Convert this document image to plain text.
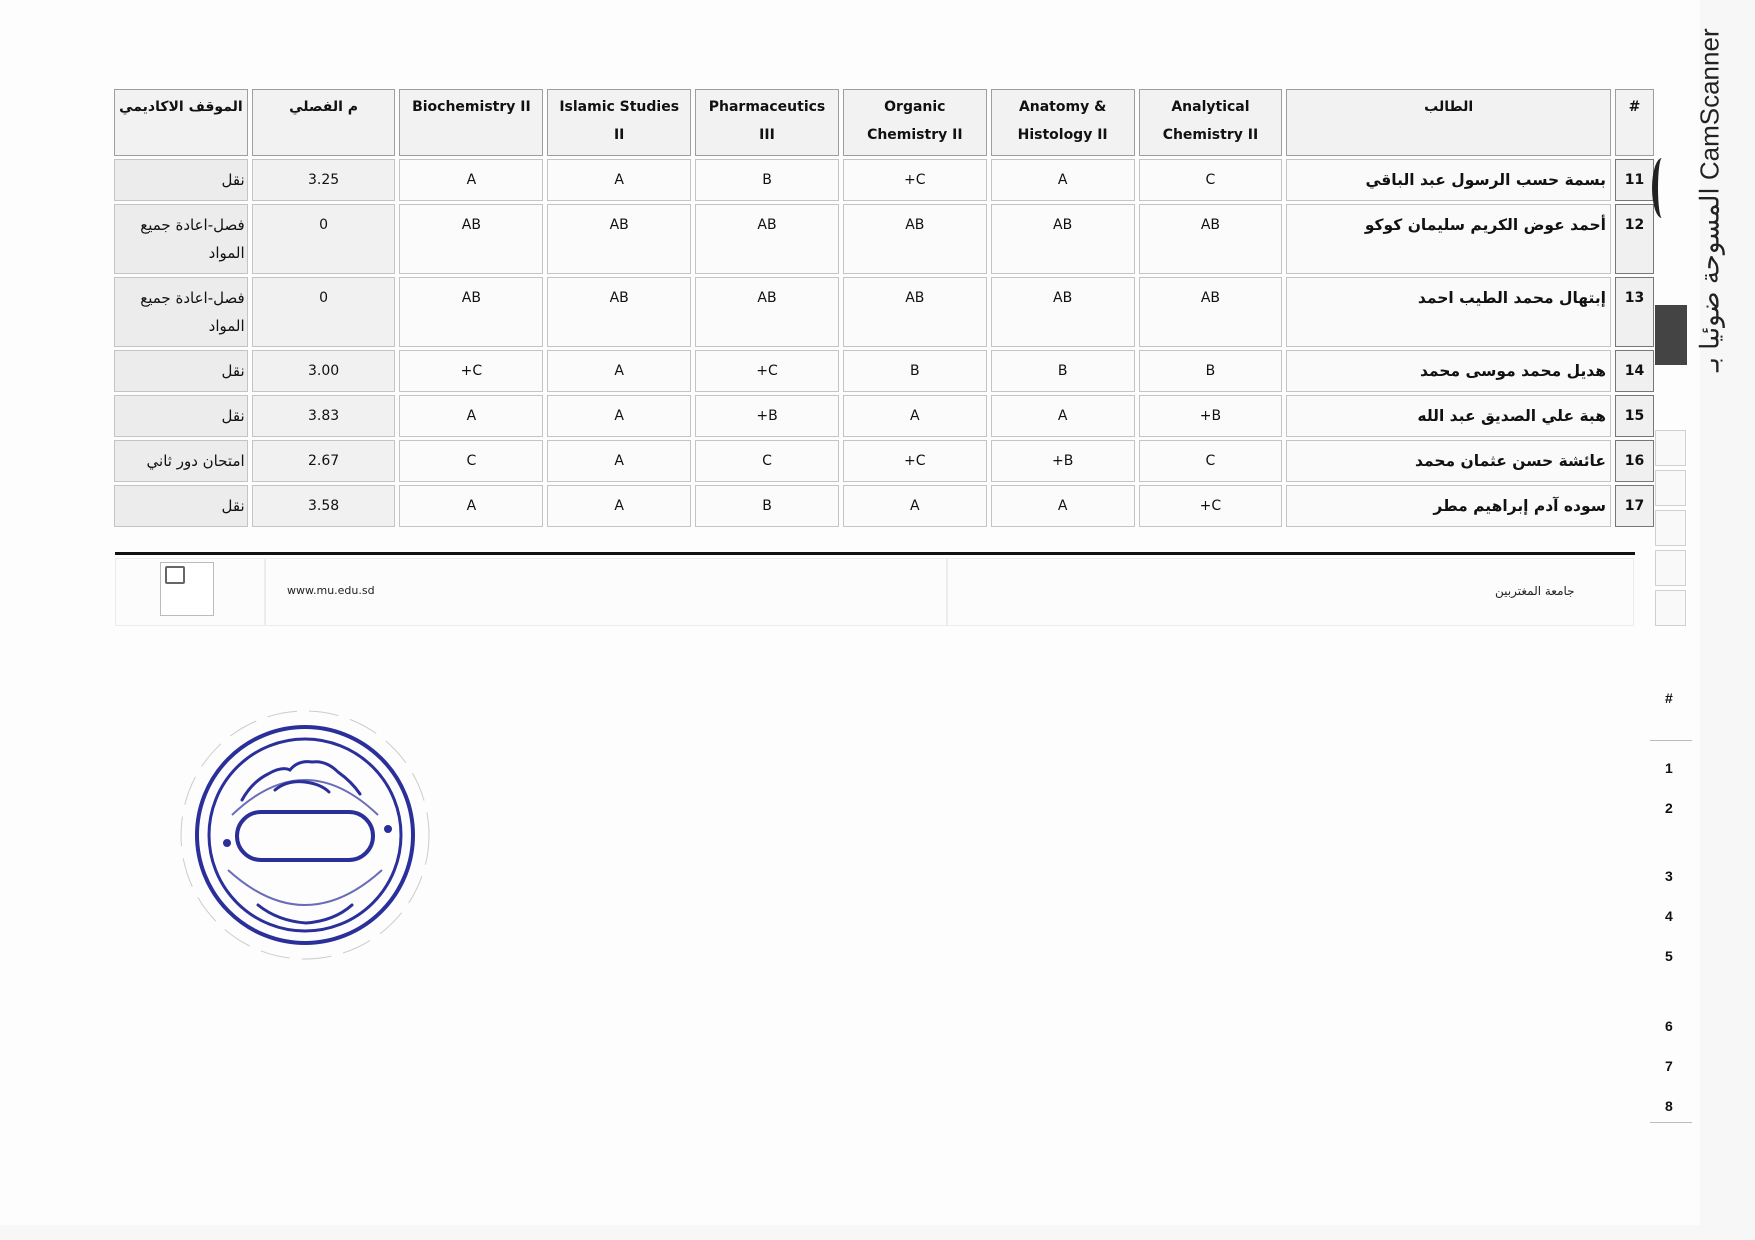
#	الطالب	Analytical Chemistry II	Anatomy & Histology II	Organic Chemistry II	Pharmaceutics III	Islamic Studies II	Biochemistry II	م الفصلي	الموقف الاكاديمي
11	بسمة حسب الرسول عبد الباقي	C	A	C+	B	A	A	3.25	نقل
12	أحمد عوض الكريم سليمان كوكو	AB	AB	AB	AB	AB	AB	0	فصل-اعادة جميع المواد
13	إبتهال محمد الطيب احمد	AB	AB	AB	AB	AB	AB	0	فصل-اعادة جميع المواد
14	هديل محمد موسى محمد	B	B	B	C+	A	C+	3.00	نقل
15	هبة علي الصديق عبد الله	B+	A	A	B+	A	A	3.83	نقل
16	عائشة حسن عثمان محمد	C	B+	C+	C	A	C	2.67	امتحان دور ثاني
17	سوده آدم إبراهيم مطر	C+	A	A	B	A	A	3.58	نقل
www.mu.edu.sd	جامعة المغتربين
المسوحة ضوئيا بـ CamScanner
#
1
2
3
4
5
6
7
8
